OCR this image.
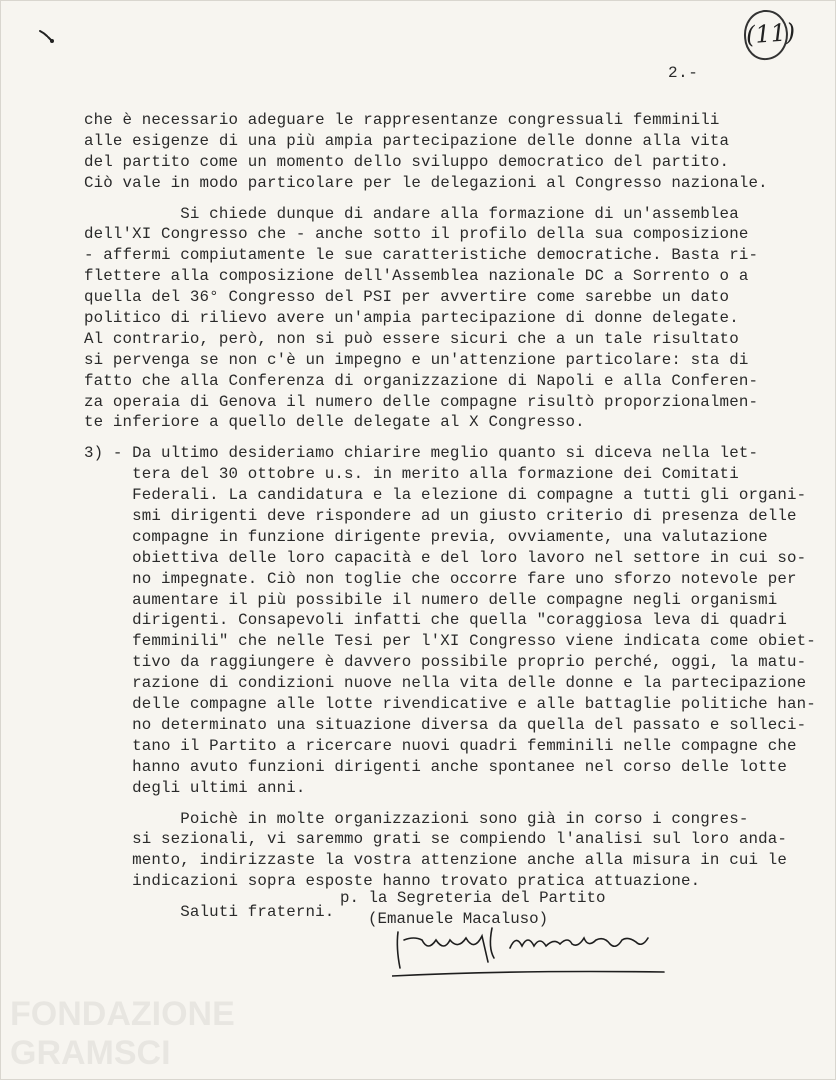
(11)
2.-
che è necessario adeguare le rappresentanze congressuali femminili
alle esigenze di una più ampia partecipazione delle donne alla vita
del partito come un momento dello sviluppo democratico del partito.
Ciò vale in modo particolare per le delegazioni al Congresso nazionale.
Si chiede dunque di andare alla formazione di un'assemblea
dell'XI Congresso che - anche sotto il profilo della sua composizione
- affermi compiutamente le sue caratteristiche democratiche. Basta ri-
flettere alla composizione dell'Assemblea nazionale DC a Sorrento o a
quella del 36° Congresso del PSI per avvertire come sarebbe un dato
politico di rilievo avere un'ampia partecipazione di donne delegate.
Al contrario, però, non si può essere sicuri che a un tale risultato
si pervenga se non c'è un impegno e un'attenzione particolare: sta di
fatto che alla Conferenza di organizzazione di Napoli e alla Conferen-
za operaia di Genova il numero delle compagne risultò proporzionalmen-
te inferiore a quello delle delegate al X Congresso.
3) - Da ultimo desideriamo chiarire meglio quanto si diceva nella let-
tera del 30 ottobre u.s. in merito alla formazione dei Comitati
Federali. La candidatura e la elezione di compagne a tutti gli organi-
smi dirigenti deve rispondere ad un giusto criterio di presenza delle
compagne in funzione dirigente previa, ovviamente, una valutazione
obiettiva delle loro capacità e del loro lavoro nel settore in cui so-
no impegnate. Ciò non toglie che occorre fare uno sforzo notevole per
aumentare il più possibile il numero delle compagne negli organismi
dirigenti. Consapevoli infatti che quella "coraggiosa leva di quadri
femminili" che nelle Tesi per l'XI Congresso viene indicata come obiet-
tivo da raggiungere è davvero possibile proprio perché, oggi, la matu-
razione di condizioni nuove nella vita delle donne e la partecipazione
delle compagne alle lotte rivendicative e alle battaglie politiche han-
no determinato una situazione diversa da quella del passato e solleci-
tano il Partito a ricercare nuovi quadri femminili nelle compagne che
hanno avuto funzioni dirigenti anche spontanee nel corso delle lotte
degli ultimi anni.
Poichè in molte organizzazioni sono già in corso i congres-
si sezionali, vi saremmo grati se compiendo l'analisi sul loro anda-
mento, indirizzaste la vostra attenzione anche alla misura in cui le
indicazioni sopra esposte hanno trovato pratica attuazione.
Saluti fraterni.
p. la Segreteria del Partito
(Emanuele Macaluso)
FONDAZIONE GRAMSCI
